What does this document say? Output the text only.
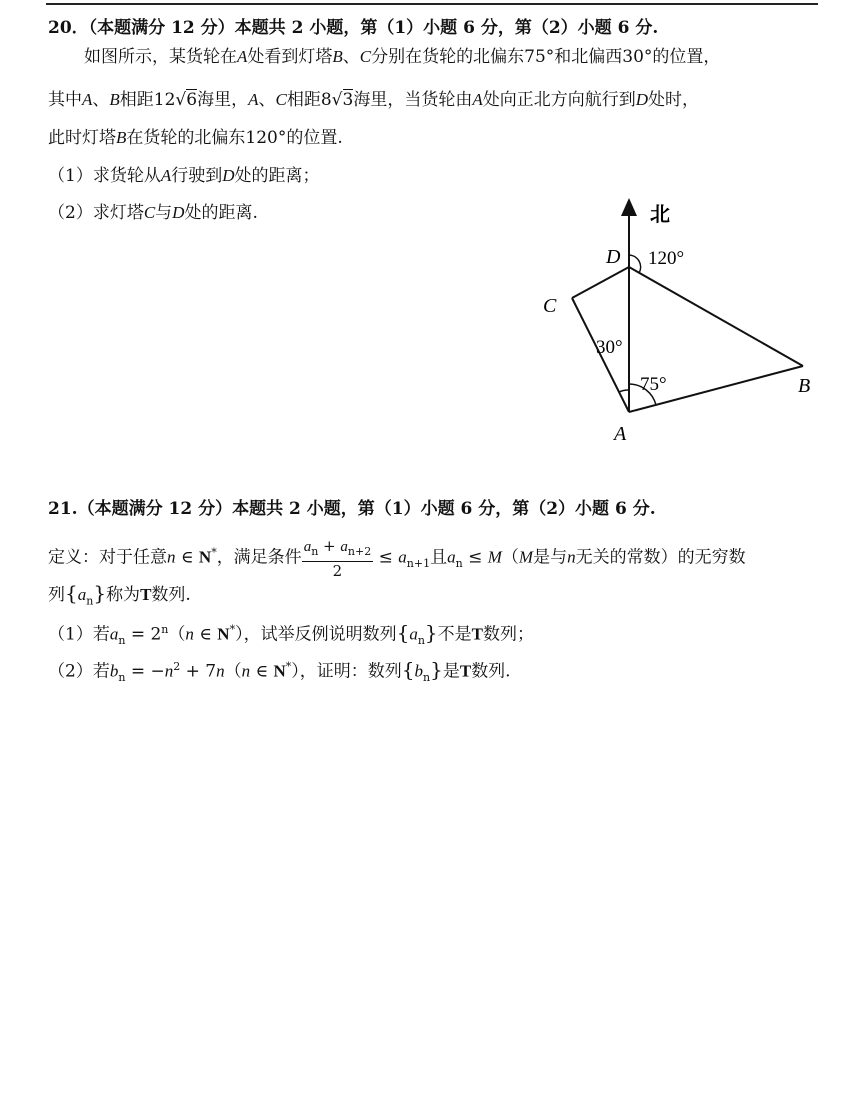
20．（本题满分 12 分）本题共 2 小题，第（1）小题 6 分，第（2）小题 6 分.
如图所示，某货轮在A处看到灯塔B、C分别在货轮的北偏东75°和北偏西30°的位置，
其中A、B相距12√6海里，A、C相距8√3海里，当货轮由A处向正北方向航行到D处时，
此时灯塔B在货轮的北偏东120°的位置.
（1）求货轮从A行驶到D处的距离；
（2）求灯塔C与D处的距离.	北
D 120°
C
30°
75°	B
A
21.（本题满分 12 分）本题共 2 小题，第（1）小题 6 分，第（2）小题 6 分.
定义：对于任意n ∈ N*，满足条件 $\frac{a_n + a_{n+2}}{2} \le a_{n+1}$且$a_n \le M(M$是与n无关的常数）的无穷数
列$\{a_n\}$称为T数列.
（1）若$a_n = 2^n(n$ ∈ N*），试举反例说明数列$\{a_n\}$不是T数列；
（2）若$b_n = -n^2 + 7n(n$ ∈ N*），证明：数列$\{b_n\}$是T数列.
